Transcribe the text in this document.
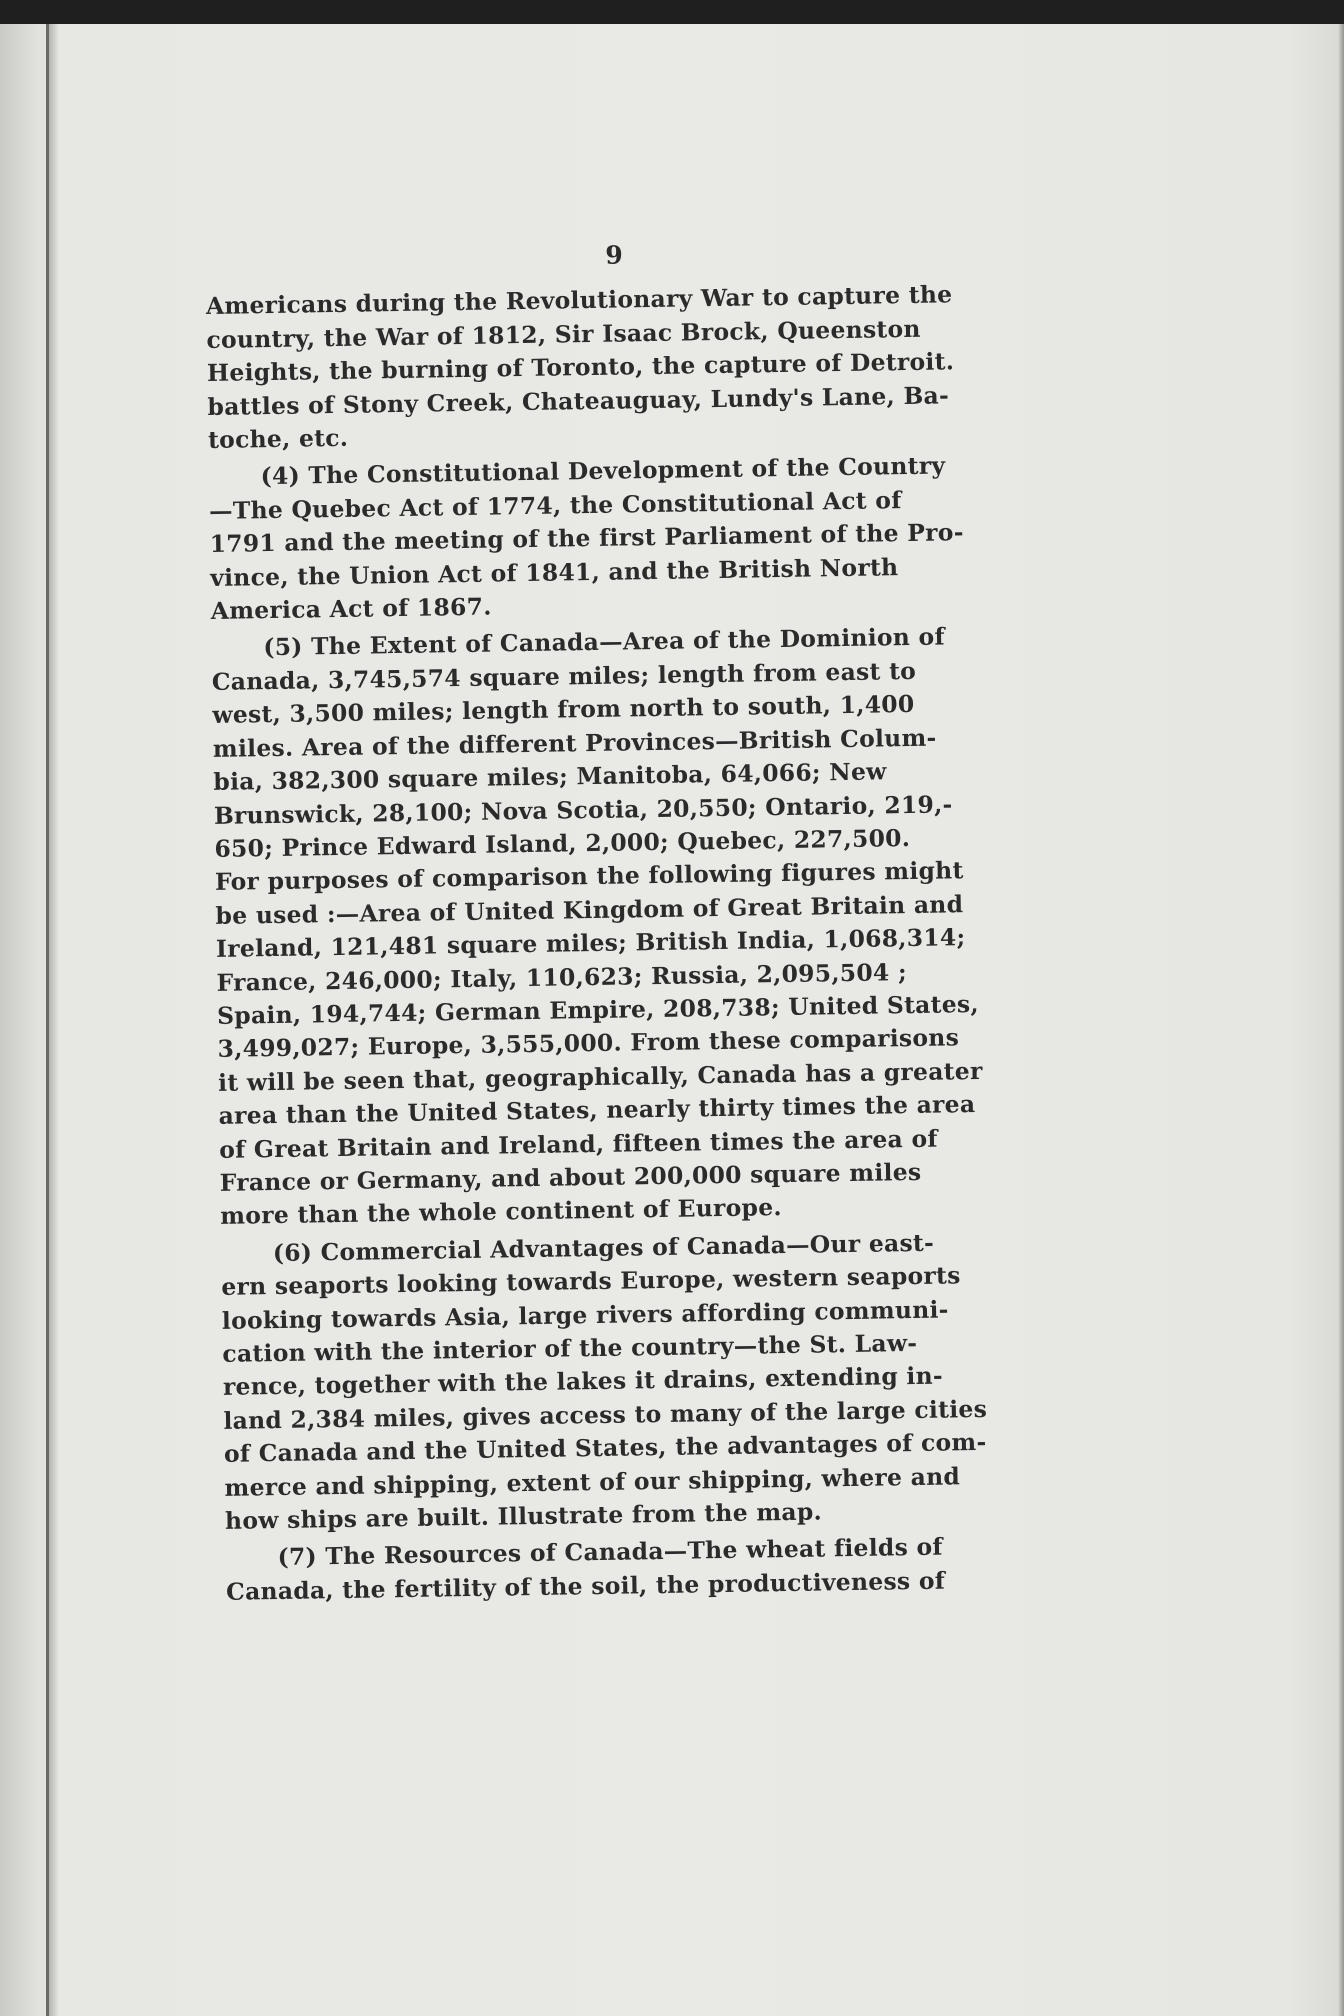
9
Americans during the Revolutionary War to capture the
country, the War of 1812, Sir Isaac Brock, Queenston
Heights, the burning of Toronto, the capture of Detroit.
battles of Stony Creek, Chateauguay, Lundy's Lane, Ba-
toche, etc.
(4) The Constitutional Development of the Country
—The Quebec Act of 1774, the Constitutional Act of
1791 and the meeting of the first Parliament of the Pro-
vince, the Union Act of 1841, and the British North
America Act of 1867.
(5) The Extent of Canada—Area of the Dominion of
Canada, 3,745,574 square miles; length from east to
west, 3,500 miles; length from north to south, 1,400
miles. Area of the different Provinces—British Colum-
bia, 382,300 square miles; Manitoba, 64,066; New
Brunswick, 28,100; Nova Scotia, 20,550; Ontario, 219,-
650; Prince Edward Island, 2,000; Quebec, 227,500.
For purposes of comparison the following figures might
be used :—Area of United Kingdom of Great Britain and
Ireland, 121,481 square miles; British India, 1,068,314;
France, 246,000; Italy, 110,623; Russia, 2,095,504 ;
Spain, 194,744; German Empire, 208,738; United States,
3,499,027; Europe, 3,555,000. From these comparisons
it will be seen that, geographically, Canada has a greater
area than the United States, nearly thirty times the area
of Great Britain and Ireland, fifteen times the area of
France or Germany, and about 200,000 square miles
more than the whole continent of Europe.
(6) Commercial Advantages of Canada—Our east-
ern seaports looking towards Europe, western seaports
looking towards Asia, large rivers affording communi-
cation with the interior of the country—the St. Law-
rence, together with the lakes it drains, extending in-
land 2,384 miles, gives access to many of the large cities
of Canada and the United States, the advantages of com-
merce and shipping, extent of our shipping, where and
how ships are built. Illustrate from the map.
(7) The Resources of Canada—The wheat fields of
Canada, the fertility of the soil, the productiveness of
